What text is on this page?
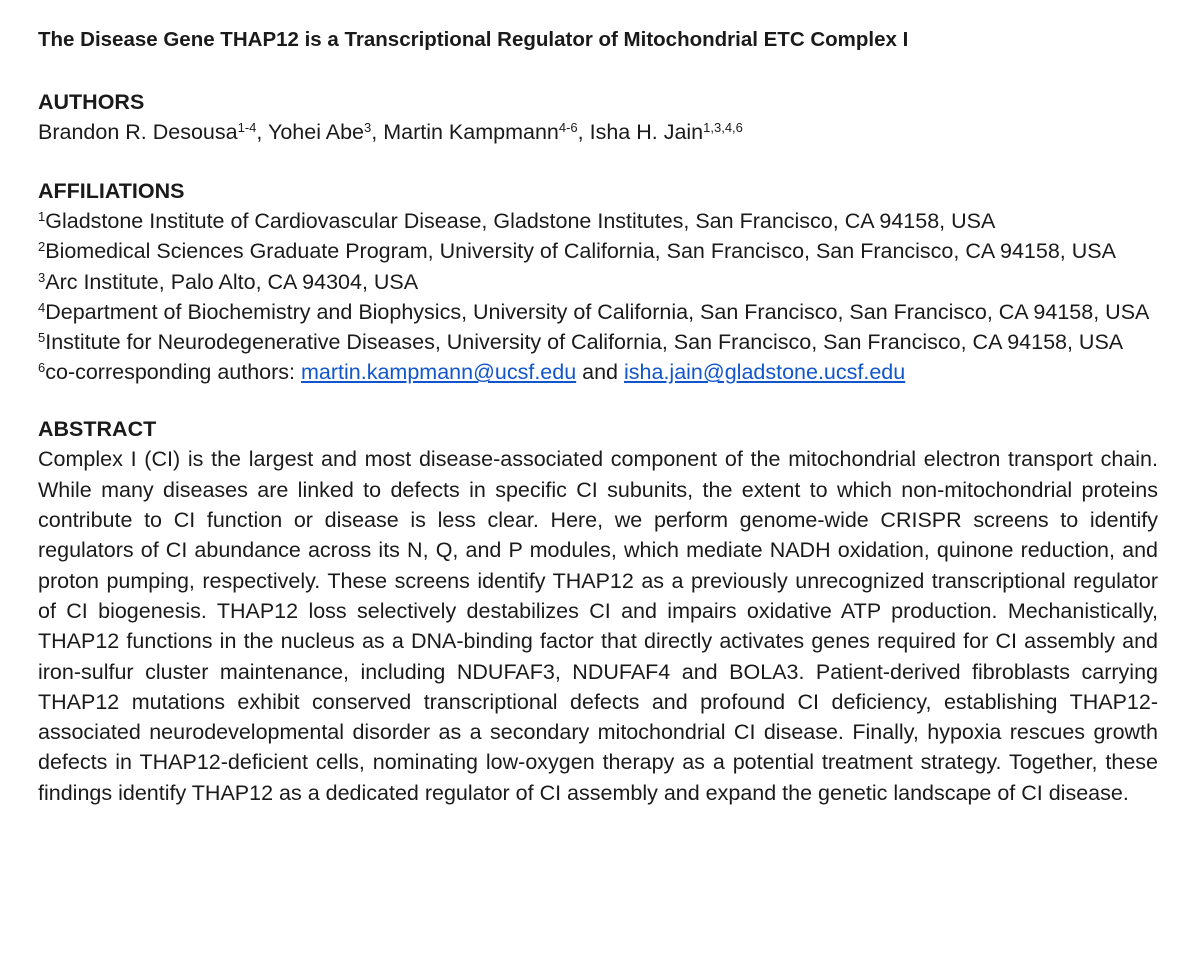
The Disease Gene THAP12 is a Transcriptional Regulator of Mitochondrial ETC Complex I
AUTHORS

Brandon R. Desousa$^{1-4}$, Yohei Abe$^3$, Martin Kampmann$^{4-6}$, Isha H. Jain$^{1,3,4,6}$

AFFILIATIONS

$^1$Gladstone Institute of Cardiovascular Disease, Gladstone Institutes, San Francisco, CA 94158, USA

$^2$Biomedical Sciences Graduate Program, University of California, San Francisco, San Francisco, CA 94158, USA

$^3$Arc Institute, Palo Alto, CA 94304, USA

$^4$Department of Biochemistry and Biophysics, University of California, San Francisco, San Francisco, CA 94158, USA

$^5$Institute for Neurodegenerative Diseases, University of California, San Francisco, San Francisco, CA 94158, USA

$^6$co-corresponding authors: martin.kampmann@ucsf.edu and isha.jain@gladstone.ucsf.edu

ABSTRACT

Complex I (CI) is the largest and most disease-associated component of the mitochondrial electron transport chain. While many diseases are linked to defects in specific CI subunits, the extent to which non-mitochondrial proteins contribute to CI function or disease is less clear. Here, we perform genome-wide CRISPR screens to identify regulators of CI abundance across its N, Q, and P modules, which mediate NADH oxidation, quinone reduction, and proton pumping, respectively. These screens identify THAP12 as a previously unrecognized transcriptional regulator of CI biogenesis. THAP12 loss selectively destabilizes CI and impairs oxidative ATP production. Mechanistically, THAP12 functions in the nucleus as a DNA-binding factor that directly activates genes required for CI assembly and iron-sulfur cluster maintenance, including NDUFAF3, NDUFAF4 and BOLA3. Patient-derived fibroblasts carrying THAP12 mutations exhibit conserved transcriptional defects and profound CI deficiency, establishing THAP12-associated neurodevelopmental disorder as a secondary mitochondrial CI disease. Finally, hypoxia rescues growth defects in THAP12-deficient cells, nominating low-oxygen therapy as a potential treatment strategy. Together, these findings identify THAP12 as a dedicated regulator of CI assembly and expand the genetic landscape of CI disease.
